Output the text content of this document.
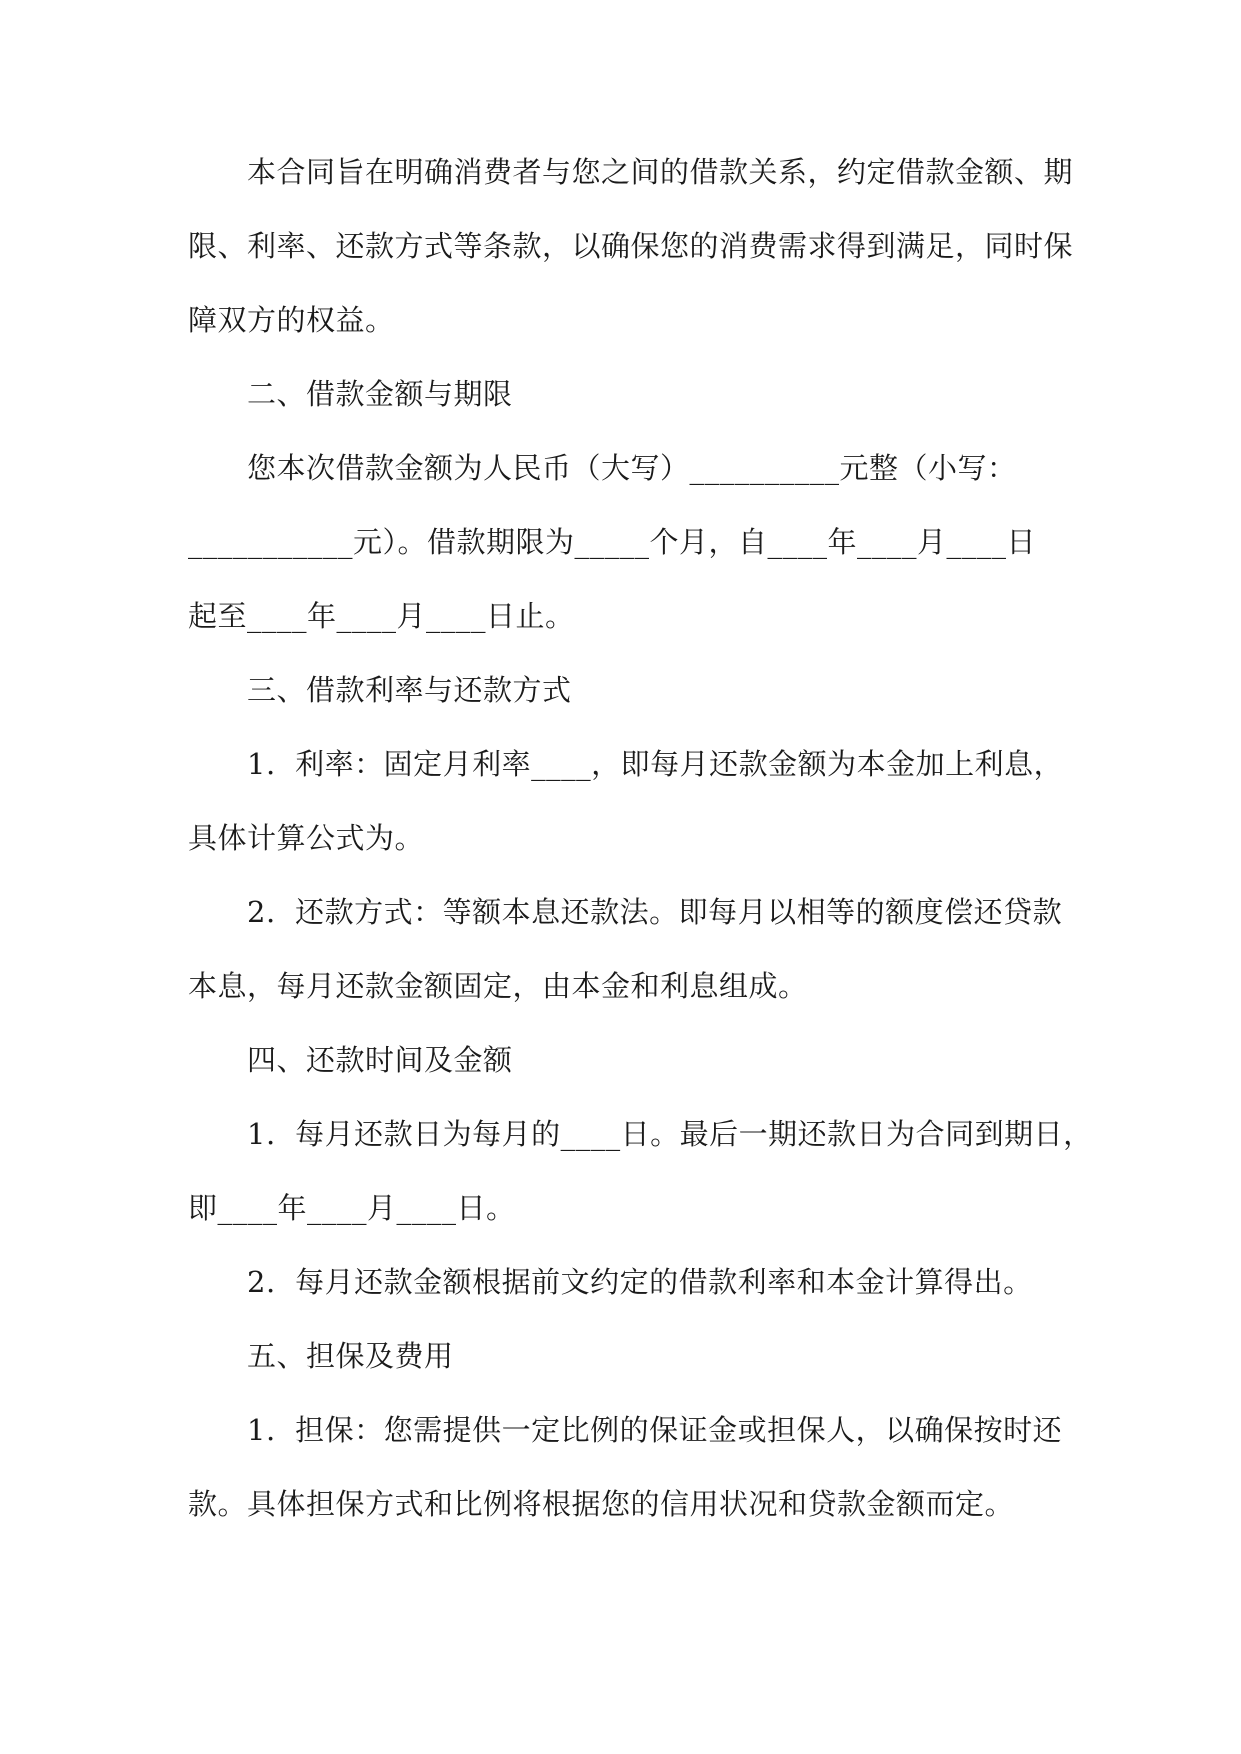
本合同旨在明确消费者与您之间的借款关系，约定借款金额、期
限、利率、还款方式等条款，以确保您的消费需求得到满足，同时保
障双方的权益。
二、借款金额与期限
您本次借款金额为人民币（大写）__________元整（小写：
___________元）。借款期限为_____个月，自____年____月____日
起至____年____月____日止。
三、借款利率与还款方式
1.  利率：固定月利率____，即每月还款金额为本金加上利息，
具体计算公式为。
2.  还款方式：等额本息还款法。即每月以相等的额度偿还贷款
本息，每月还款金额固定，由本金和利息组成。
四、还款时间及金额
1.  每月还款日为每月的____日。最后一期还款日为合同到期日，
即____年____月____日。
2.  每月还款金额根据前文约定的借款利率和本金计算得出。
五、担保及费用
1.  担保：您需提供一定比例的保证金或担保人，以确保按时还
款。具体担保方式和比例将根据您的信用状况和贷款金额而定。
